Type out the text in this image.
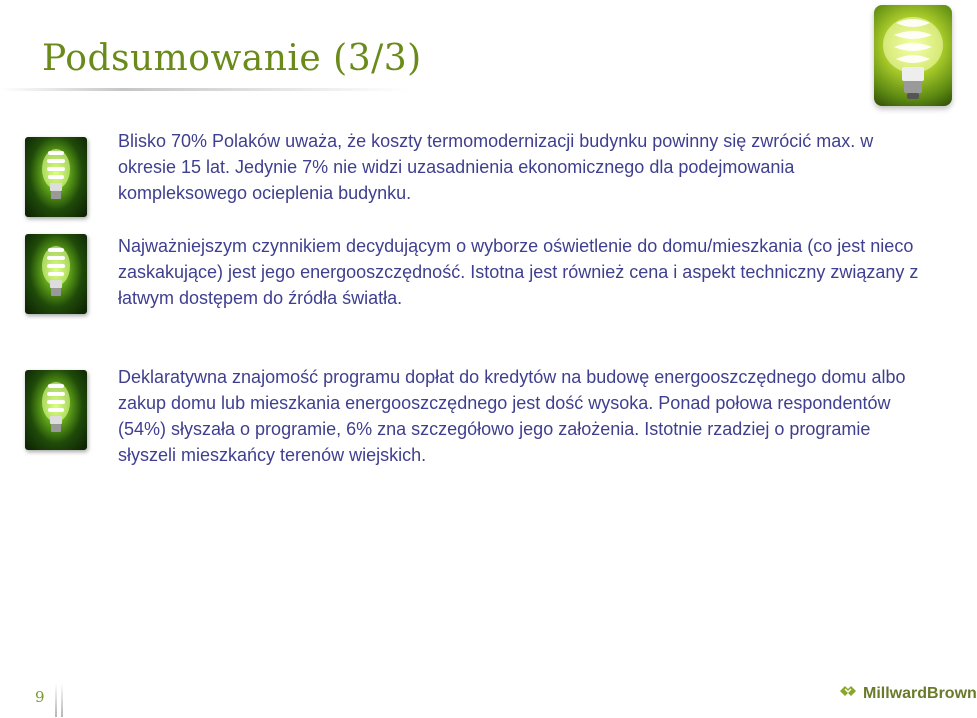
Podsumowanie (3/3)
Blisko 70% Polaków uważa, że koszty termomodernizacji budynku powinny się zwrócić max. w okresie 15 lat. Jedynie 7% nie widzi uzasadnienia ekonomicznego dla podejmowania kompleksowego ocieplenia budynku.
Najważniejszym czynnikiem decydującym o wyborze oświetlenie do domu/mieszkania (co jest nieco zaskakujące) jest jego energooszczędność. Istotna jest również cena i aspekt techniczny związany z łatwym dostępem do źródła światła.
Deklaratywna znajomość programu dopłat do kredytów na budowę energooszczędnego domu albo zakup domu lub mieszkania energooszczędnego jest dość wysoka. Ponad połowa respondentów (54%) słyszała o programie, 6% zna szczegółowo jego założenia. Istotnie rzadziej o programie słyszeli mieszkańcy terenów wiejskich.
9	MillwardBrown
